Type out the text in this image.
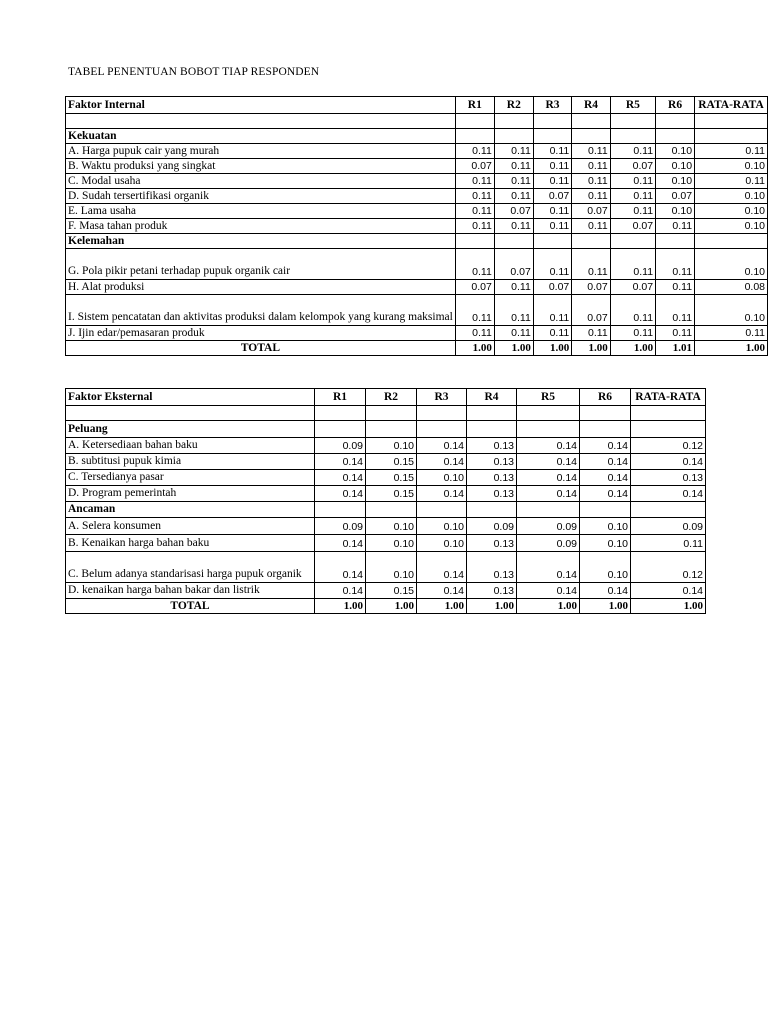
TABEL PENENTUAN BOBOT TIAP RESPONDEN
Faktor Internal	R1	R2	R3	R4	R5	R6	RATA-RATA

Kekuatan							
A. Harga pupuk cair yang murah	0.11	0.11	0.11	0.11	0.11	0.10	0.11
B. Waktu produksi yang singkat	0.07	0.11	0.11	0.11	0.07	0.10	0.10
C. Modal usaha	0.11	0.11	0.11	0.11	0.11	0.10	0.11
D. Sudah tersertifikasi organik	0.11	0.11	0.07	0.11	0.11	0.07	0.10
E. Lama usaha	0.11	0.07	0.11	0.07	0.11	0.10	0.10
F. Masa tahan produk	0.11	0.11	0.11	0.11	0.07	0.11	0.10
Kelemahan							
G. Pola pikir petani terhadap pupuk organik cair	0.11	0.07	0.11	0.11	0.11	0.11	0.10
H. Alat produksi	0.07	0.11	0.07	0.07	0.07	0.11	0.08
I. Sistem pencatatan dan aktivitas produksi dalam kelompok yang kurang maksimal	0.11	0.11	0.11	0.07	0.11	0.11	0.10
J. Ijin edar/pemasaran produk	0.11	0.11	0.11	0.11	0.11	0.11	0.11
TOTAL	1.00	1.00	1.00	1.00	1.00	1.01	1.00
Faktor Eksternal	R1	R2	R3	R4	R5	R6	RATA-RATA

Peluang							
A. Ketersediaan bahan baku	0.09	0.10	0.14	0.13	0.14	0.14	0.12
B. subtitusi pupuk kimia	0.14	0.15	0.14	0.13	0.14	0.14	0.14
C. Tersedianya pasar	0.14	0.15	0.10	0.13	0.14	0.14	0.13
D. Program pemerintah	0.14	0.15	0.14	0.13	0.14	0.14	0.14
Ancaman							
A. Selera konsumen	0.09	0.10	0.10	0.09	0.09	0.10	0.09
B. Kenaikan harga bahan baku	0.14	0.10	0.10	0.13	0.09	0.10	0.11
C. Belum adanya standarisasi harga pupuk organik	0.14	0.10	0.14	0.13	0.14	0.10	0.12
D. kenaikan harga bahan bakar dan listrik	0.14	0.15	0.14	0.13	0.14	0.14	0.14
TOTAL	1.00	1.00	1.00	1.00	1.00	1.00	1.00
